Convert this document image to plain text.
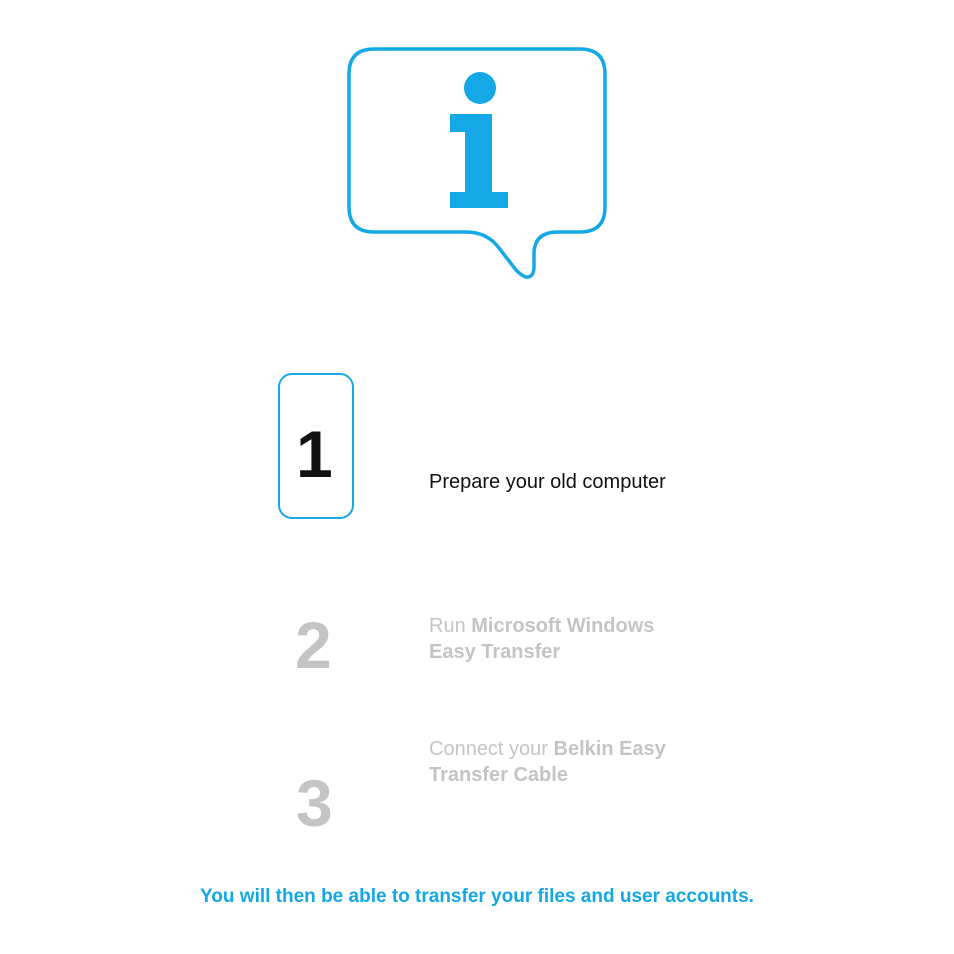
1	Prepare your old computer
2	Run Microsoft Windows Easy Transfer
3
Connect your Belkin Easy Transfer Cable
You will then be able to transfer your files and user accounts.
